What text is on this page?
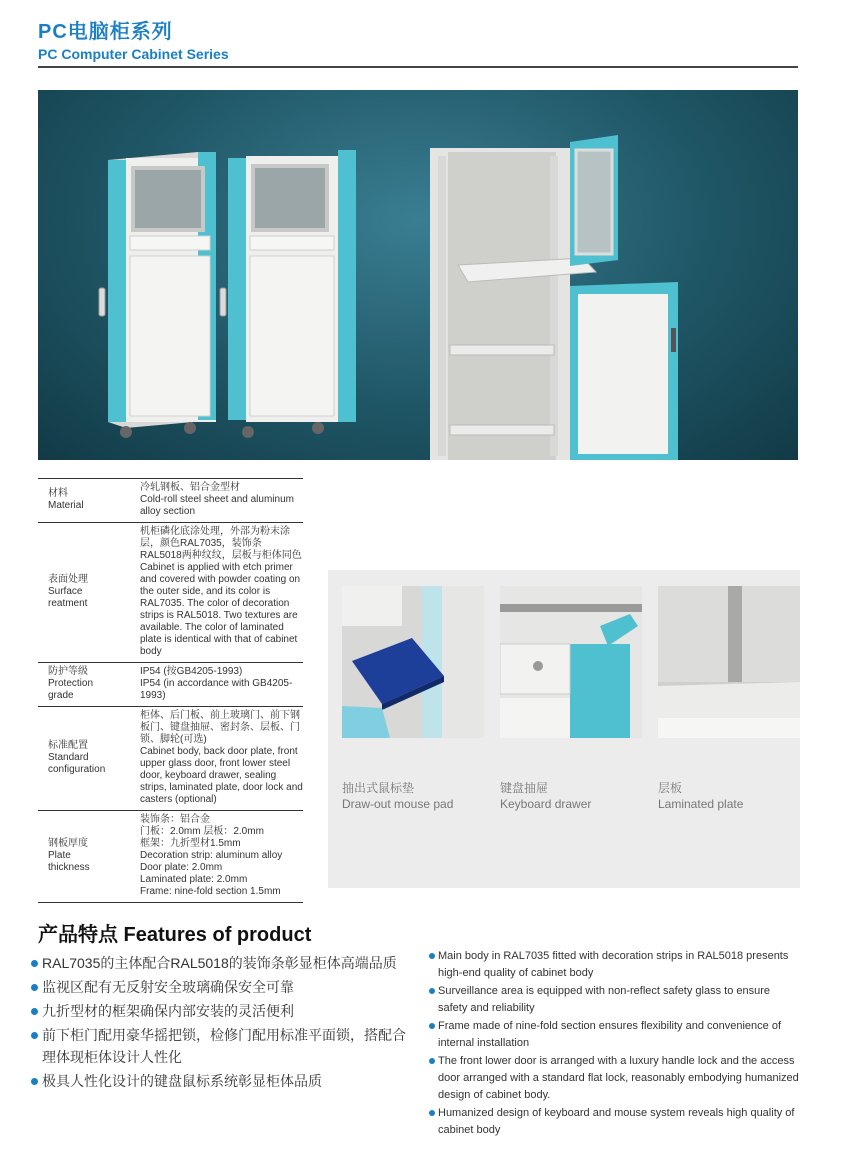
PC电脑柜系列
PC Computer Cabinet Series
材料
Material
冷轧钢板、铝合金型材
Cold-roll steel sheet and aluminum alloy section
表面处理
Surface
reatment
机柜磷化底涂处理，外部为粉末涂层，颜色RAL7035，装饰条RAL5018两种纹纹，层板与柜体同色
Cabinet is applied with etch primer and covered with powder coating on the outer side, and its color is RAL7035. The color of decoration strips is RAL5018. Two textures are available. The color of laminated plate is identical with that of cabinet body
防护等级
Protection
grade
IP54 (按GB4205-1993)
IP54 (in accordance with GB4205-1993)
标准配置
Standard
configuration
柜体、后门板、前上玻璃门、前下钢板门、键盘抽屉、密封条、层板、门锁、脚轮(可选)
Cabinet body, back door plate, front upper glass door, front lower steel door, keyboard drawer, sealing strips, laminated plate, door lock and casters (optional)
钢板厚度
Plate
thickness
装饰条：铝合金
门板：2.0mm 层板：2.0mm
框架：九折型材1.5mm
Decoration strip: aluminum alloy
Door plate: 2.0mm
Laminated plate: 2.0mm
Frame: nine-fold section 1.5mm
抽出式鼠标垫
Draw-out mouse pad
键盘抽屉
Keyboard drawer
层板
Laminated plate
产品特点 Features of product
RAL7035的主体配合RAL5018的装饰条彰显柜体高端品质
监视区配有无反射安全玻璃确保安全可靠
九折型材的框架确保内部安装的灵活便利
前下柜门配用豪华摇把锁，检修门配用标准平面锁，搭配合理体现柜体设计人性化
极具人性化设计的键盘鼠标系统彰显柜体品质
Main body in RAL7035 fitted with decoration strips in RAL5018 presents high-end quality of cabinet body
Surveillance area is equipped with non-reflect safety glass to ensure safety and reliability
Frame made of nine-fold section ensures flexibility and convenience of internal installation
The front lower door is arranged with a luxury handle lock and the access door arranged with a standard flat lock, reasonably embodying humanized design of cabinet body.
Humanized design of keyboard and mouse system reveals high quality of cabinet body
